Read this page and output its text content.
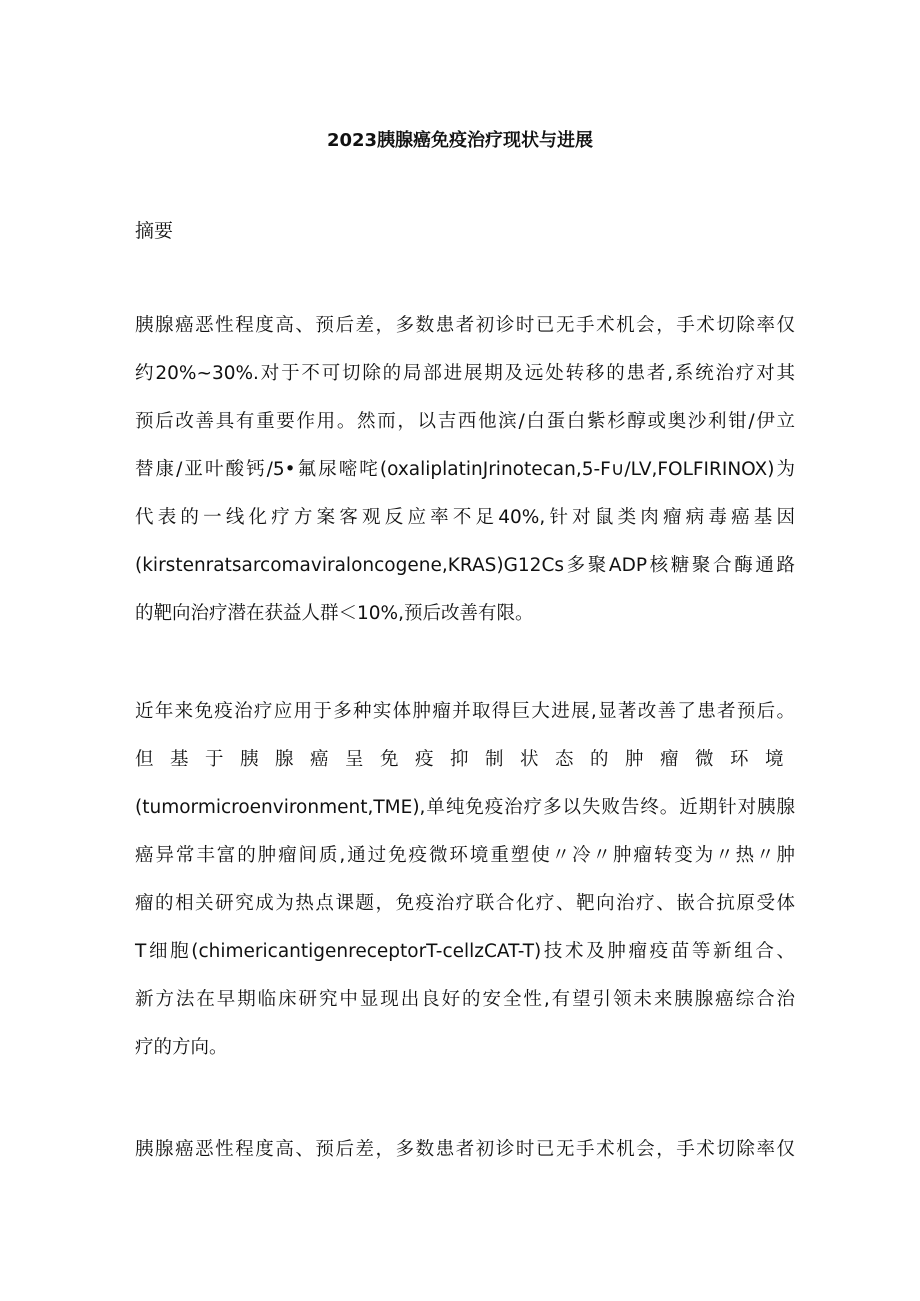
2023胰腺癌免疫治疗现状与进展
摘要
胰腺癌恶性程度高、预后差，多数患者初诊时已无手术机会，手术切除率仅
约20%~30%.对于不可切除的局部进展期及远处转移的患者,系统治疗对其
预后改善具有重要作用。然而，以吉西他滨/白蛋白紫杉醇或奥沙利钳/伊立
替康/亚叶酸钙/5•氟尿嘧咤(oxaliplatinJrinotecan,5-F∪∕LV,FOLFIRINOX)为
代表的一线化疗方案客观反应率不足40%,针对鼠类肉瘤病毒癌基因
(kirstenratsarcomaviraloncogene,KRAS)G12Cs多聚ADP核糖聚合酶通路
的靶向治疗潜在获益人群＜10%,预后改善有限。
近年来免疫治疗应用于多种实体肿瘤并取得巨大进展,显著改善了患者预后。
但基于胰腺癌呈免疫抑制状态的肿瘤微环境
(tumormicroenvironment,TME),单纯免疫治疗多以失败告终。近期针对胰腺
癌异常丰富的肿瘤间质,通过免疫微环境重塑使〃冷〃肿瘤转变为〃热〃肿
瘤的相关研究成为热点课题，免疫治疗联合化疗、靶向治疗、嵌合抗原受体
T细胞(chimericantigenreceptorT-cellzCAT-T)技术及肿瘤疫苗等新组合、
新方法在早期临床研究中显现出良好的安全性,有望引领未来胰腺癌综合治
疗的方向。
胰腺癌恶性程度高、预后差，多数患者初诊时已无手术机会，手术切除率仅
